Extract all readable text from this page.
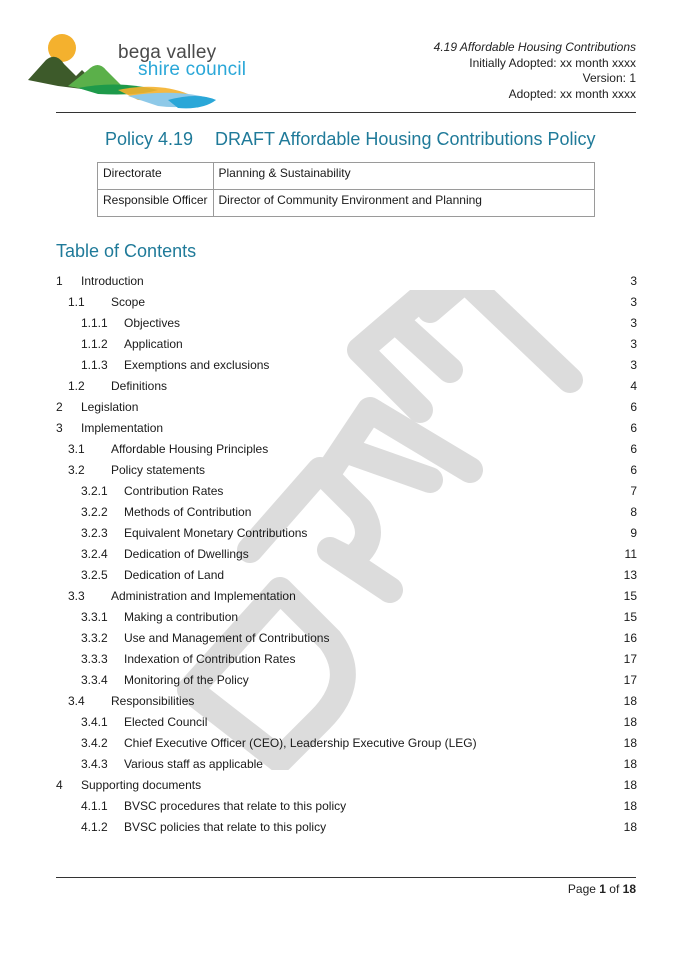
bega valley
shire council
4.19 Affordable Housing Contributions
Initially Adopted: xx month xxxx
Version: 1
Adopted: xx month xxxx
Policy 4.19 DRAFT Affordable Housing Contributions Policy
Directorate	Planning & Sustainability
Responsible Officer	Director of Community Environment and Planning
Table of Contents
1 Introduction	3
1.1 Scope	3
1.1.1 Objectives	3
1.1.2 Application	3
1.1.3 Exemptions and exclusions	3
1.2 Definitions	4
2 Legislation	6
3 Implementation	6
3.1 Affordable Housing Principles	6
3.2 Policy statements	6
3.2.1 Contribution Rates	7
3.2.2 Methods of Contribution	8
3.2.3 Equivalent Monetary Contributions	9
3.2.4 Dedication of Dwellings	11
3.2.5 Dedication of Land	13
3.3 Administration and Implementation	15
3.3.1 Making a contribution	15
3.3.2 Use and Management of Contributions	16
3.3.3 Indexation of Contribution Rates	17
3.3.4 Monitoring of the Policy	17
3.4 Responsibilities	18
3.4.1 Elected Council	18
3.4.2 Chief Executive Officer (CEO), Leadership Executive Group (LEG)	18
3.4.3 Various staff as applicable	18
4 Supporting documents	18
4.1.1 BVSC procedures that relate to this policy	18
4.1.2 BVSC policies that relate to this policy	18
Page 1 of 18
